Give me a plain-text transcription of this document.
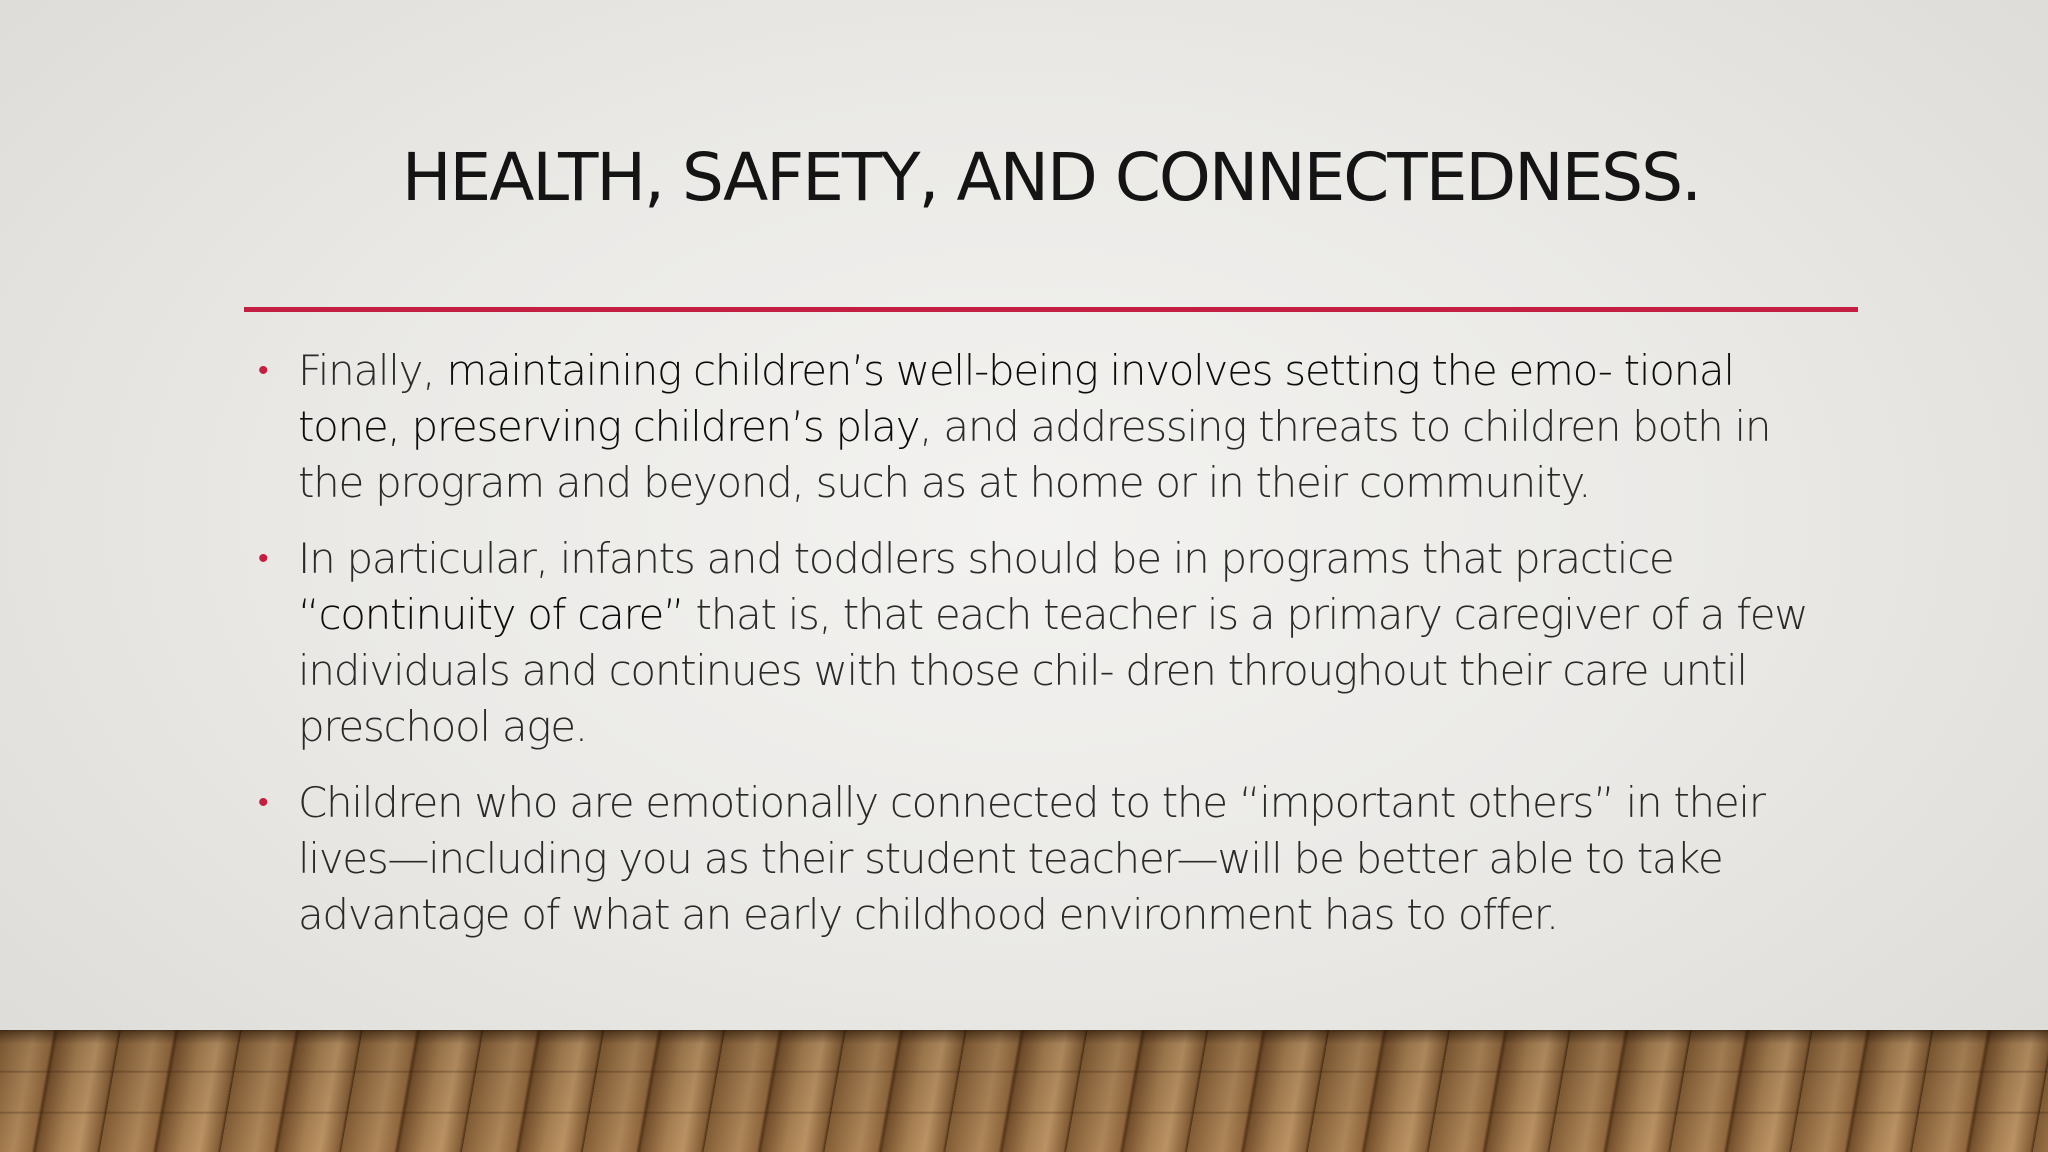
HEALTH, SAFETY, AND CONNECTEDNESS.
• Finally, maintaining children’s well-being involves setting the emo- tional tone, preserving children’s play, and addressing threats to children both in the program and beyond, such as at home or in their community.
• In particular, infants and toddlers should be in programs that practice “continuity of care” that is, that each teacher is a primary caregiver of a few individuals and continues with those chil- dren throughout their care until preschool age.
• Children who are emotionally connected to the “important others” in their lives—including you as their student teacher—will be better able to take advantage of what an early childhood environment has to offer.
